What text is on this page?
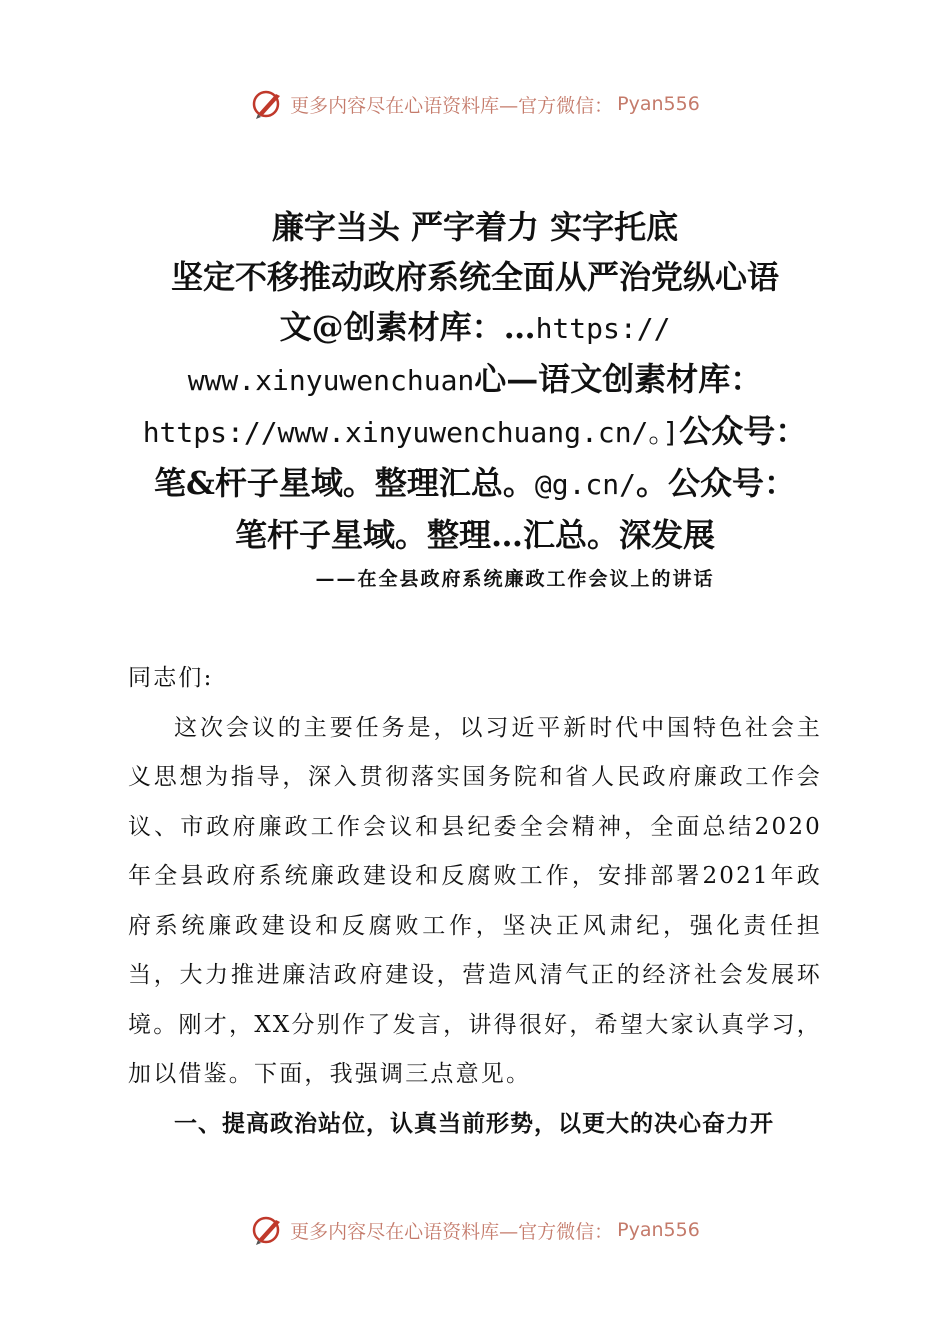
更多内容尽在心语资料库—官方微信： Pyan556
廉字当头 严字着力 实字托底
坚定不移推动政府系统全面从严治党纵心语
文@创素材库：…https://
www.xinyuwenchuan心—语文创素材库：
https://www.xinyuwenchuang.cn/。]公众号：
笔&杆子星域。整理汇总。@g.cn/。公众号：
笔杆子星域。整理…汇总。深发展
——在全县政府系统廉政工作会议上的讲话

同志们:

这次会议的主要任务是，以习近平新时代中国特色社会主义思想为指导，深入贯彻落实国务院和省人民政府廉政工作会议、市政府廉政工作会议和县纪委全会精神，全面总结2020年全县政府系统廉政建设和反腐败工作，安排部署2021年政府系统廉政建设和反腐败工作，坚决正风肃纪，强化责任担当，大力推进廉洁政府建设，营造风清气正的经济社会发展环境。刚才，XX分别作了发言，讲得很好，希望大家认真学习，加以借鉴。下面，我强调三点意见。

一、提高政治站位，认真当前形势，以更大的决心奋力开

更多内容尽在心语资料库—官方微信： Pyan556
